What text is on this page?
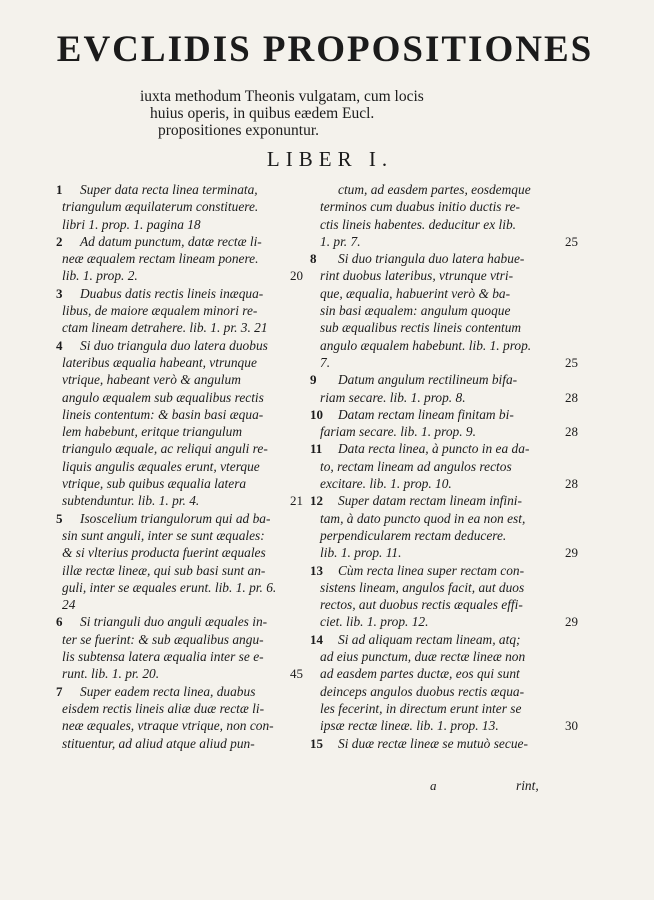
EVCLIDIS PROPOSITIONES
iuxta methodum Theonis vulgatam, cum locis
huius operis, in quibus eædem Eucl.
propositiones exponuntur.
LIBER I.
1 Super data recta linea terminata,
triangulum æquilaterum constituere.
libri 1. prop. 1. pagina 18
2 Ad datum punctum, datæ rectæ li-
neæ æqualem rectam lineam ponere.
lib. 1. prop. 2.	20
3 Duabus datis rectis lineis inæqua-
libus, de maiore æqualem minori re-
ctam lineam detrahere. lib. 1. pr. 3. 21
4 Si duo triangula duo latera duobus
lateribus æqualia habeant, vtrunque
vtrique, habeant verò & angulum
angulo æqualem sub æqualibus rectis
lineis contentum: & basin basi æqua-
lem habebunt, eritque triangulum
triangulo æquale, ac reliqui anguli re-
liquis angulis æquales erunt, vterque
vtrique, sub quibus æqualia latera
subtenduntur. lib. 1. pr. 4.	21
5 Isoscelium triangulorum qui ad ba-
sin sunt anguli, inter se sunt æquales:
& si vlterius producta fuerint æquales
illæ rectæ lineæ, qui sub basi sunt an-
guli, inter se æquales erunt. lib. 1. pr. 6.
24
6 Si trianguli duo anguli æquales in-
ter se fuerint: & sub æqualibus angu-
lis subtensa latera æqualia inter se e-
runt. lib. 1. pr. 20.	45
7 Super eadem recta linea, duabus
eisdem rectis lineis aliæ duæ rectæ li-
neæ æquales, vtraque vtrique, non con-
stituentur, ad aliud atque aliud pun-
ctum, ad easdem partes, eosdemque
terminos cum duabus initio ductis re-
ctis lineis habentes. deducitur ex lib.
1. pr. 7.	25
8 Si duo triangula duo latera habue-
rint duobus lateribus, vtrunque vtri-
que, æqualia, habuerint verò & ba-
sin basi æqualem: angulum quoque
sub æqualibus rectis lineis contentum
angulo æqualem habebunt. lib. 1. prop.
7.	25
9 Datum angulum rectilineum bifa-
riam secare. lib. 1. prop. 8.	28
10 Datam rectam lineam finitam bi-
fariam secare. lib. 1. prop. 9.	28
11 Data recta linea, à puncto in ea da-
to, rectam lineam ad angulos rectos
excitare. lib. 1. prop. 10.	28
12 Super datam rectam lineam infini-
tam, à dato puncto quod in ea non est,
perpendicularem rectam deducere.
lib. 1. prop. 11.	29
13 Cùm recta linea super rectam con-
sistens lineam, angulos facit, aut duos
rectos, aut duobus rectis æquales effi-
ciet. lib. 1. prop. 12.	29
14 Si ad aliquam rectam lineam, atq;
ad eius punctum, duæ rectæ lineæ non
ad easdem partes ductæ, eos qui sunt
deinceps angulos duobus rectis æqua-
les fecerint, in directum erunt inter se
ipsæ rectæ lineæ. lib. 1. prop. 13.	30
15 Si duæ rectæ lineæ se mutuò secue-
a	rint,
